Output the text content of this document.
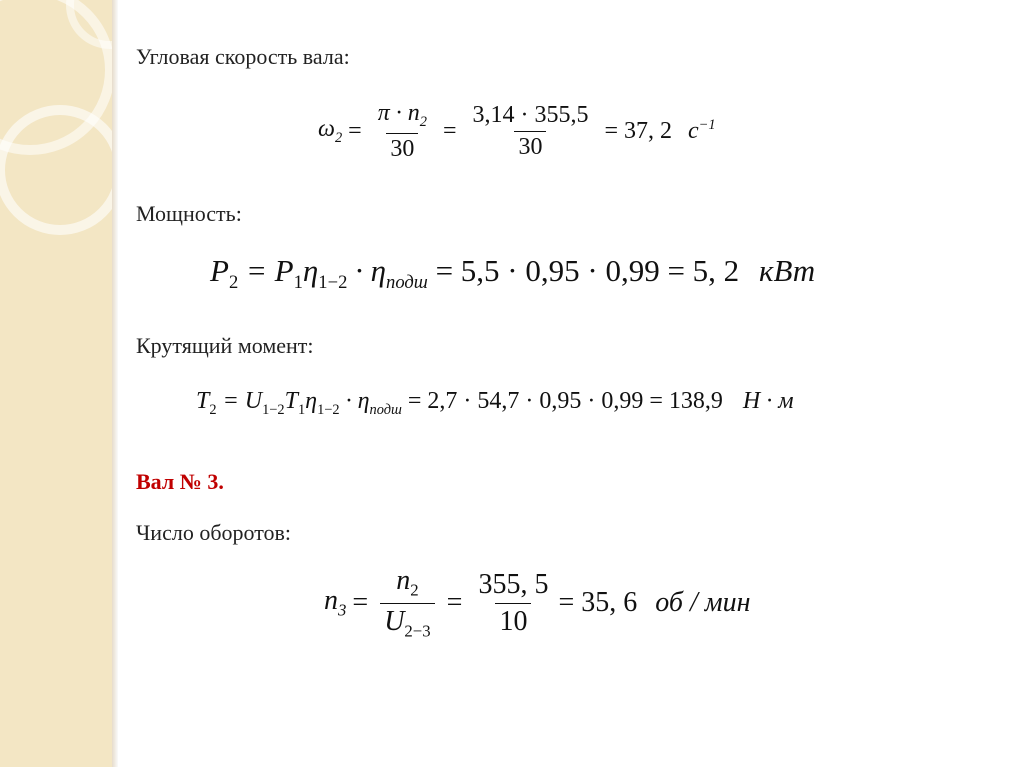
Угловая скорость вала:
$\omega_2 = \frac{\pi \cdot n_2}{30} = \frac{3,14 \cdot 355,5}{30} = 37$, 2 $c^{-1}$
Мощность:
$P_2 = P_1\eta_{1-2} \cdot \eta_{подш} = 5,5 \cdot 0,95 \cdot 0,99 = 5$, 2 кВт
Крутящий момент:
$T_2 = U_{1-2}T_1\eta_{1-2} \cdot \eta_{подш} = 2,7 \cdot 54,7 \cdot 0,95 \cdot 0,99 = 138,9$ Н · м
Вал № 3.
Число оборотов:
$n_3 = \frac{n_2}{U_{2-3}} = \frac{355, 5}{10} = 35$, 6 об / мин
